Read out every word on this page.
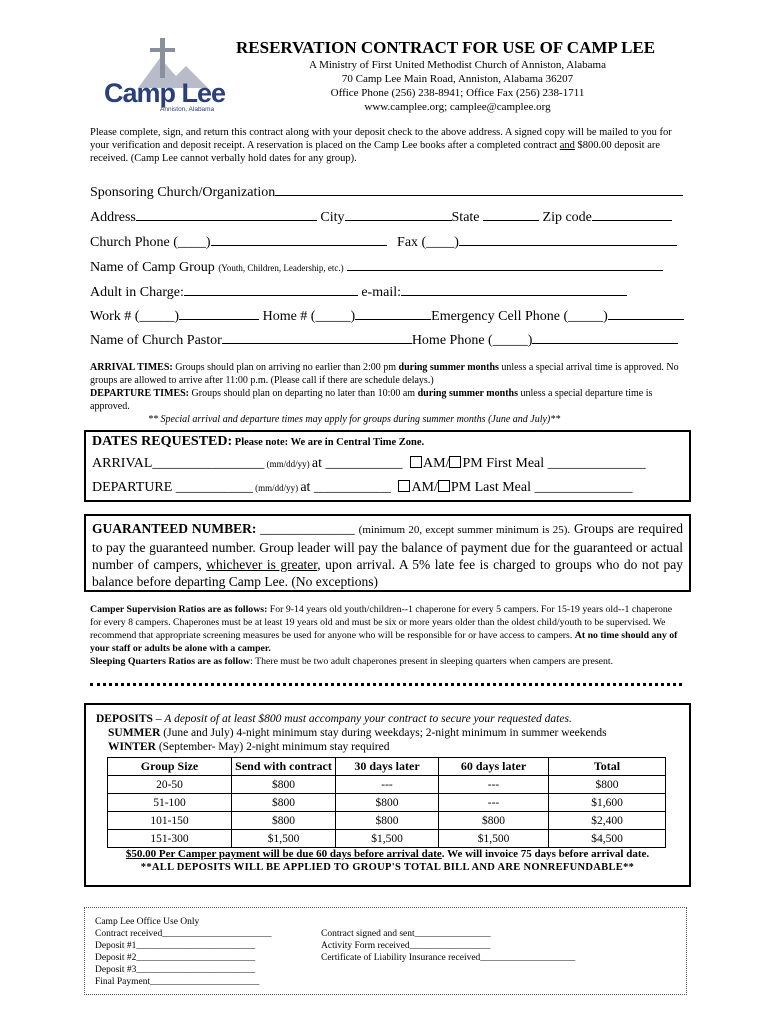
Camp Lee
Anniston, Alabama
RESERVATION CONTRACT FOR USE OF CAMP LEE
A Ministry of First United Methodist Church of Anniston, Alabama
70 Camp Lee Main Road, Anniston, Alabama 36207
Office Phone (256) 238-8941; Office Fax (256) 238-1711
www.camplee.org; camplee@camplee.org
Please complete, sign, and return this contract along with your deposit check to the above address. A signed copy will be mailed to you for your verification and deposit receipt. A reservation is placed on the Camp Lee books after a completed contract and $800.00 deposit are received. (Camp Lee cannot verbally hold dates for any group).
Sponsoring Church/Organization
Address	City	State	Zip code
Church Phone (____)	Fax (____)
Name of Camp Group (Youth, Children, Leadership, etc.)
Adult in Charge:	e-mail:
Work # (_____)	Home # (_____)	Emergency Cell Phone (_____)
Name of Church Pastor	Home Phone (_____)
ARRIVAL TIMES: Groups should plan on arriving no earlier than 2:00 pm during summer months unless a special arrival time is approved. No groups are allowed to arrive after 11:00 p.m. (Please call if there are schedule delays.)
DEPARTURE TIMES: Groups should plan on departing no later than 10:00 am during summer months unless a special departure time is approved.
** Special arrival and departure times may apply for groups during summer months (June and July)**
DATES REQUESTED: Please note: We are in Central Time Zone.
ARRIVAL________________ (mm/dd/yy) at ___________ AM/ PM First Meal ______________
DEPARTURE ___________ (mm/dd/yy) at ___________ AM/ PM Last Meal ______________
GUARANTEED NUMBER: ______________ (minimum 20, except summer minimum is 25). Groups are required to pay the guaranteed number. Group leader will pay the balance of payment due for the guaranteed or actual number of campers, whichever is greater, upon arrival. A 5% late fee is charged to groups who do not pay balance before departing Camp Lee. (No exceptions)
Camper Supervision Ratios are as follows: For 9-14 years old youth/children--1 chaperone for every 5 campers. For 15-19 years old--1 chaperone for every 8 campers. Chaperones must be at least 19 years old and must be six or more years older than the oldest child/youth to be supervised. We recommend that appropriate screening measures be used for anyone who will be responsible for or have access to campers. At no time should any of your staff or adults be alone with a camper.
Sleeping Quarters Ratios are as follow: There must be two adult chaperones present in sleeping quarters when campers are present.
DEPOSITS – A deposit of at least $800 must accompany your contract to secure your requested dates.
SUMMER (June and July) 4-night minimum stay during weekdays; 2-night minimum in summer weekends
WINTER (September- May) 2-night minimum stay required
Group Size	Send with contract	30 days later	60 days later	Total
20-50	$800	---	---	$800
51-100	$800	$800	---	$1,600
101-150	$800	$800	$800	$2,400
151-300	$1,500	$1,500	$1,500	$4,500
$50.00 Per Camper payment will be due 60 days before arrival date. We will invoice 75 days before arrival date.
**ALL DEPOSITS WILL BE APPLIED TO GROUP'S TOTAL BILL AND ARE NONREFUNDABLE**
Camp Lee Office Use Only
Contract received_______________________
Deposit #1_________________________
Deposit #2_________________________
Deposit #3_________________________
Final Payment_______________________
Contract signed and sent________________
Activity Form received_________________
Certificate of Liability Insurance received____________________
